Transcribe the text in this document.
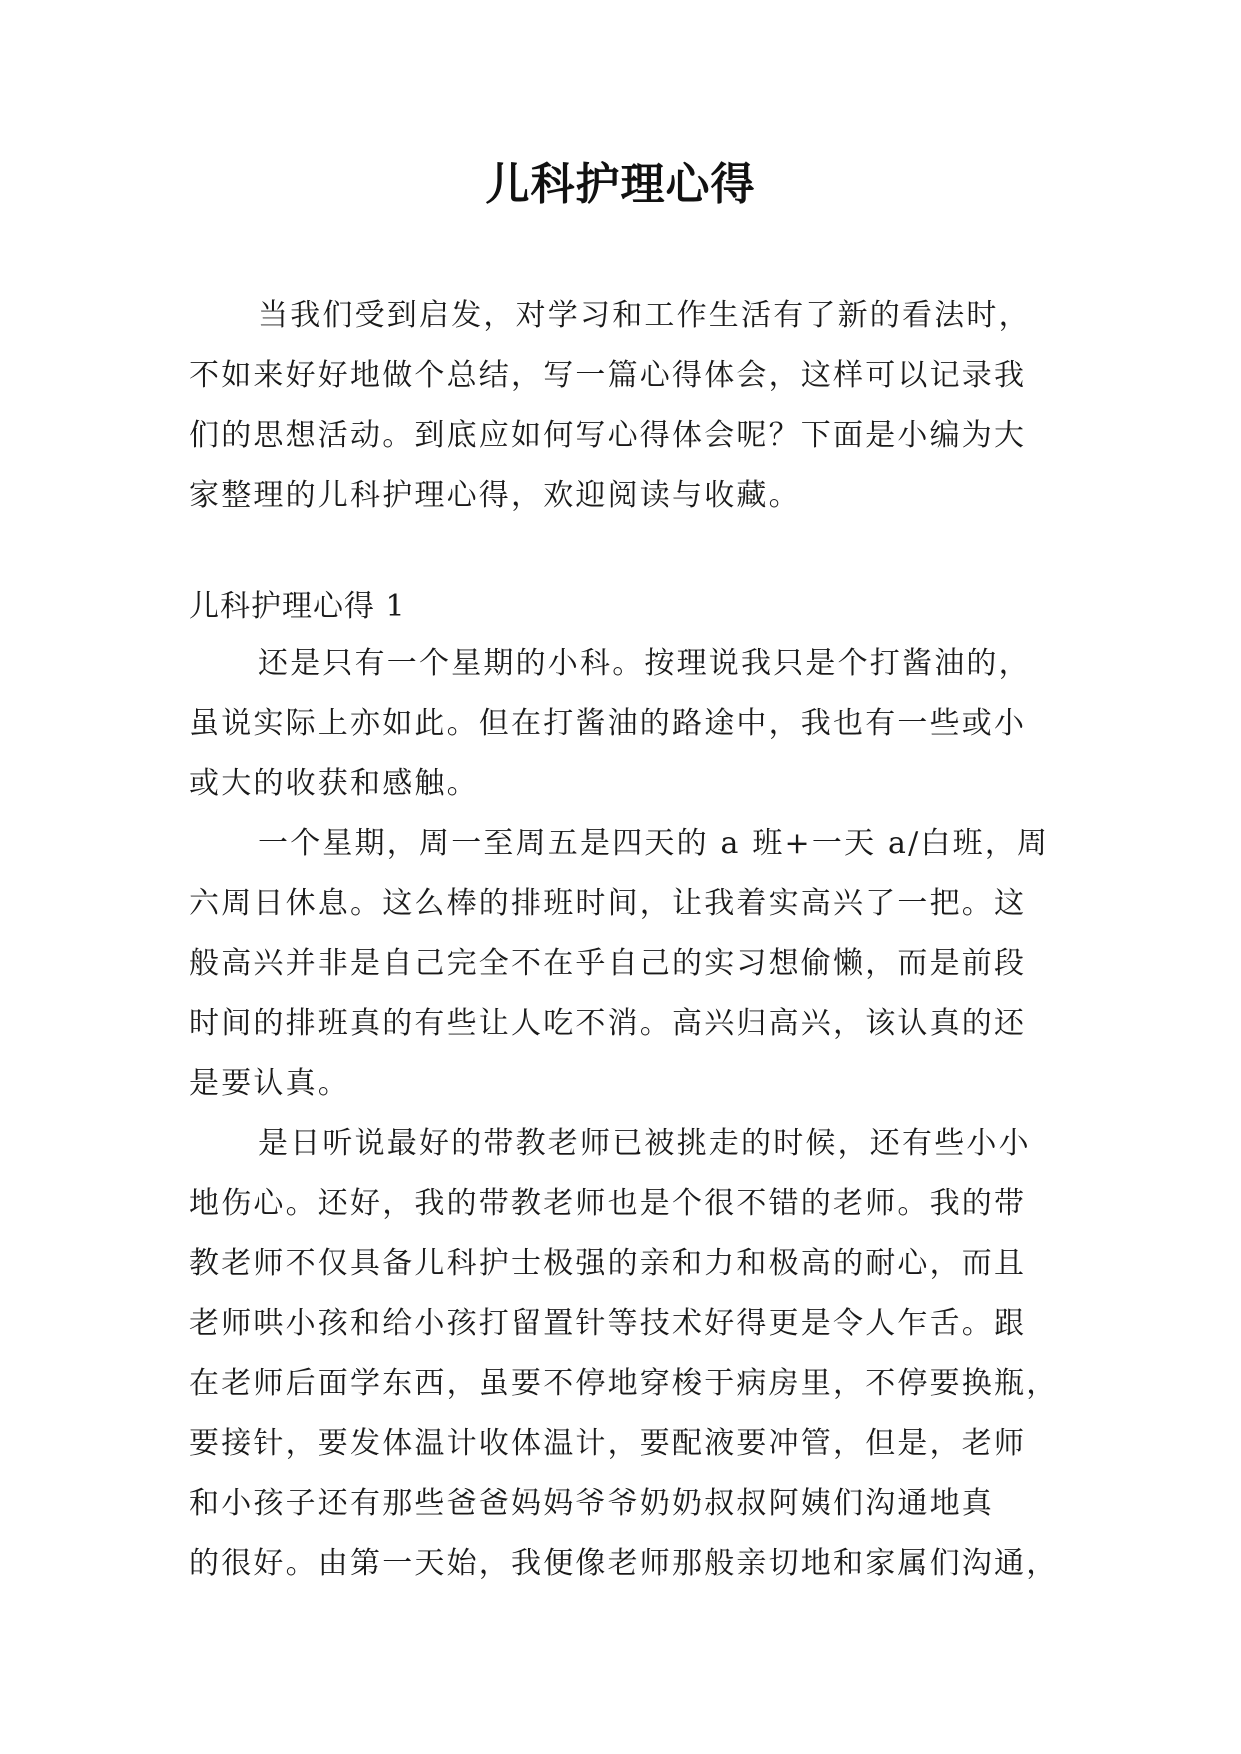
儿科护理心得
当我们受到启发，对学习和工作生活有了新的看法时，
不如来好好地做个总结，写一篇心得体会，这样可以记录我
们的思想活动。到底应如何写心得体会呢？下面是小编为大
家整理的儿科护理心得，欢迎阅读与收藏。
儿科护理心得 1
还是只有一个星期的小科。按理说我只是个打酱油的，
虽说实际上亦如此。但在打酱油的路途中，我也有一些或小
或大的收获和感触。
一个星期，周一至周五是四天的 a 班+一天 a/白班，周
六周日休息。这么棒的排班时间，让我着实高兴了一把。这
般高兴并非是自己完全不在乎自己的实习想偷懒，而是前段
时间的排班真的有些让人吃不消。高兴归高兴，该认真的还
是要认真。
是日听说最好的带教老师已被挑走的时候，还有些小小
地伤心。还好，我的带教老师也是个很不错的老师。我的带
教老师不仅具备儿科护士极强的亲和力和极高的耐心，而且
老师哄小孩和给小孩打留置针等技术好得更是令人乍舌。跟
在老师后面学东西，虽要不停地穿梭于病房里，不停要换瓶，
要接针，要发体温计收体温计，要配液要冲管，但是，老师
和小孩子还有那些爸爸妈妈爷爷奶奶叔叔阿姨们沟通地真
的很好。由第一天始，我便像老师那般亲切地和家属们沟通，
